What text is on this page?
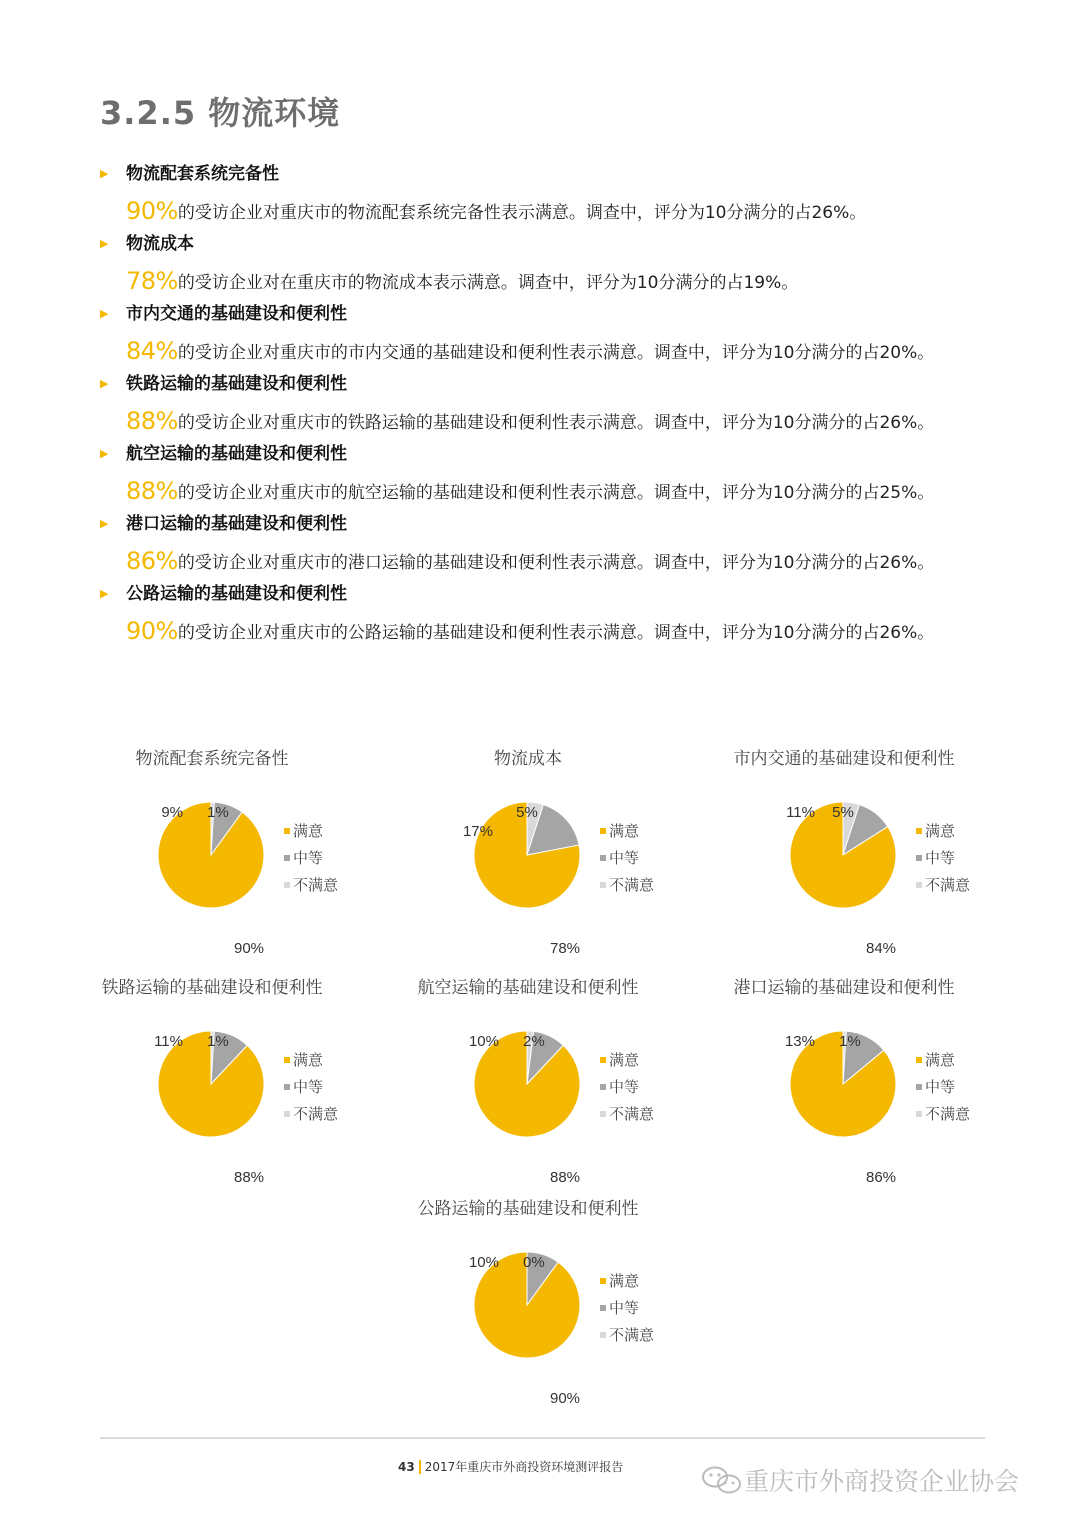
3.2.5 物流环境
▶ 物流配套系统完备性
90%的受访企业对重庆市的物流配套系统完备性表示满意。调查中，评分为10分满分的占26%。
▶ 物流成本
78%的受访企业对在重庆市的物流成本表示满意。调查中，评分为10分满分的占19%。
▶ 市内交通的基础建设和便利性
84%的受访企业对重庆市的市内交通的基础建设和便利性表示满意。调查中，评分为10分满分的占20%。
▶ 铁路运输的基础建设和便利性
88%的受访企业对重庆市的铁路运输的基础建设和便利性表示满意。调查中，评分为10分满分的占26%。
▶ 航空运输的基础建设和便利性
88%的受访企业对重庆市的航空运输的基础建设和便利性表示满意。调查中，评分为10分满分的占25%。
▶ 港口运输的基础建设和便利性
86%的受访企业对重庆市的港口运输的基础建设和便利性表示满意。调查中，评分为10分满分的占26%。
▶ 公路运输的基础建设和便利性
90%的受访企业对重庆市的公路运输的基础建设和便利性表示满意。调查中，评分为10分满分的占26%。
物流配套系统完备性
90%
9% 1%
满意
中等
不满意
物流成本
78%
17%
5%
满意
中等
不满意
市内交通的基础建设和便利性
84%
11% 5%
满意
中等
不满意
铁路运输的基础建设和便利性
88%
11% 1%
满意
中等
不满意
航空运输的基础建设和便利性
88%
10% 2%
满意
中等
不满意
港口运输的基础建设和便利性
86%
13% 1%
满意
中等
不满意
公路运输的基础建设和便利性
90%
10% 0%
满意
中等
不满意
43 2017年重庆市外商投资环境测评报告	重庆市外商投资企业协会
